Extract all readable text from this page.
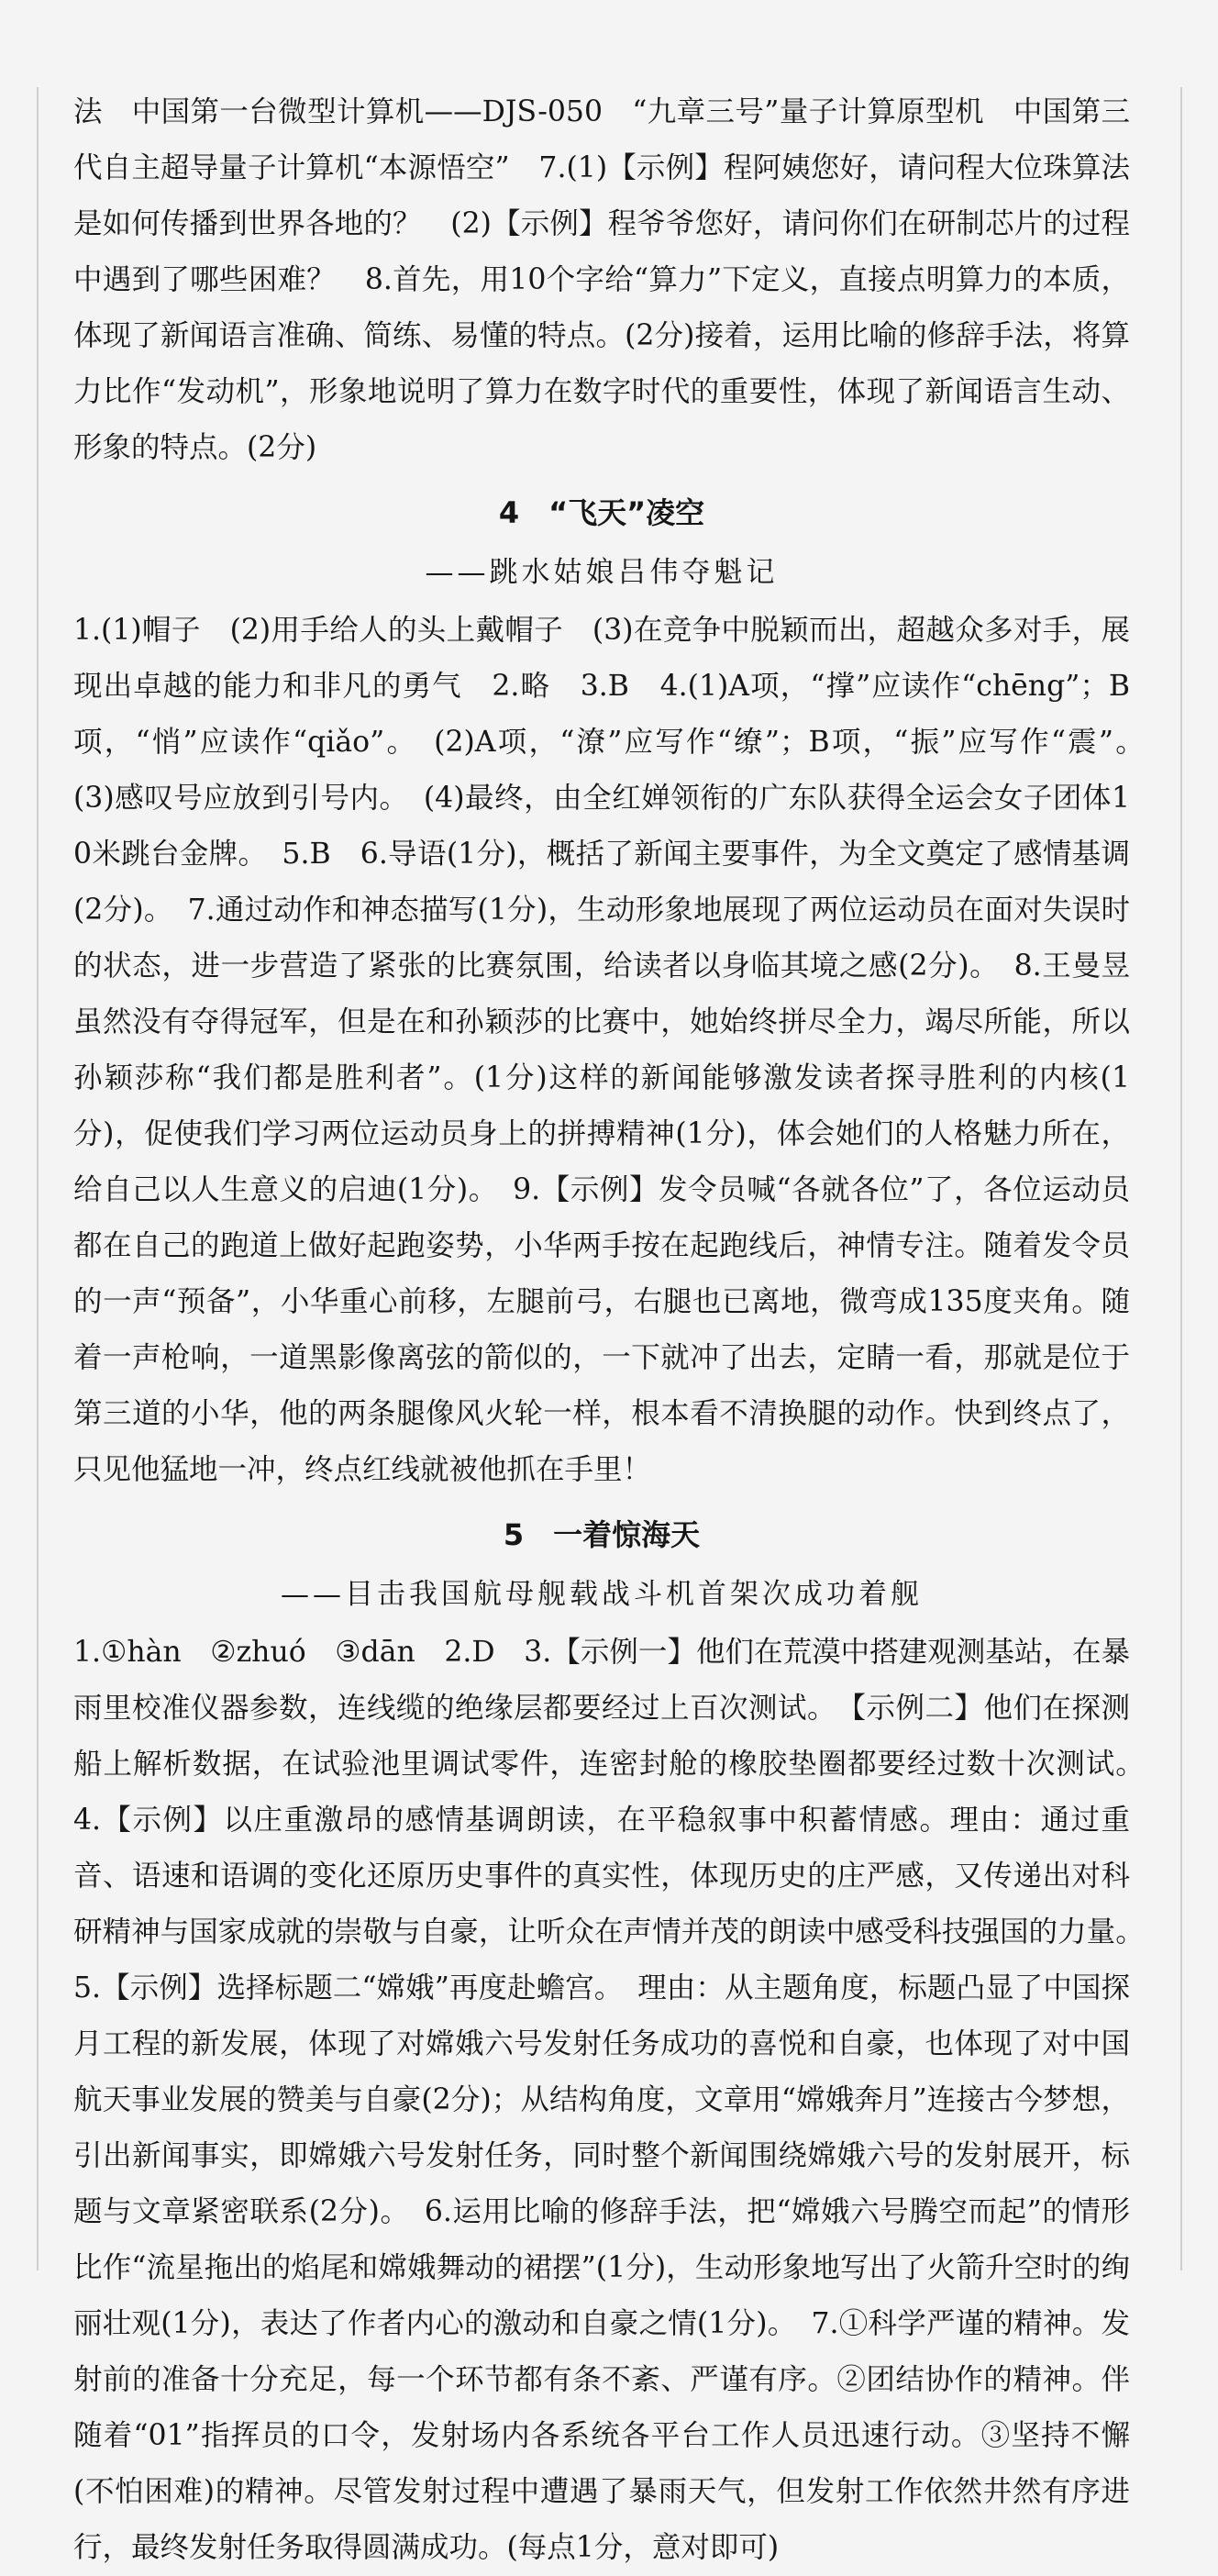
法　中国第一台微型计算机——DJS-050　“九章三号”量子计算原型机　中国第三代自主超导量子计算机“本源悟空”　7.(1)【示例】程阿姨您好，请问程大位珠算法是如何传播到世界各地的？　(2)【示例】程爷爷您好，请问你们在研制芯片的过程中遇到了哪些困难？　8.首先，用10个字给“算力”下定义，直接点明算力的本质，体现了新闻语言准确、简练、易懂的特点。(2分)接着，运用比喻的修辞手法，将算力比作“发动机”，形象地说明了算力在数字时代的重要性，体现了新闻语言生动、形象的特点。(2分)

4　“飞天”凌空
——跳水姑娘吕伟夺魁记

1.(1)帽子　(2)用手给人的头上戴帽子　(3)在竞争中脱颖而出，超越众多对手，展现出卓越的能力和非凡的勇气　2.略　3.B　4.(1)A项，“撑”应读作“chēng”；B项，“悄”应读作“qiǎo”。　(2)A项，“潦”应写作“缭”；B项，“振”应写作“震”。　(3)感叹号应放到引号内。　(4)最终，由全红婵领衔的广东队获得全运会女子团体10米跳台金牌。　5.B　6.导语(1分)，概括了新闻主要事件，为全文奠定了感情基调(2分)。　7.通过动作和神态描写(1分)，生动形象地展现了两位运动员在面对失误时的状态，进一步营造了紧张的比赛氛围，给读者以身临其境之感(2分)。　8.王曼昱虽然没有夺得冠军，但是在和孙颖莎的比赛中，她始终拼尽全力，竭尽所能，所以孙颖莎称“我们都是胜利者”。(1分)这样的新闻能够激发读者探寻胜利的内核(1分)，促使我们学习两位运动员身上的拼搏精神(1分)，体会她们的人格魅力所在，给自己以人生意义的启迪(1分)。　9.【示例】发令员喊“各就各位”了，各位运动员都在自己的跑道上做好起跑姿势，小华两手按在起跑线后，神情专注。随着发令员的一声“预备”，小华重心前移，左腿前弓，右腿也已离地，微弯成135度夹角。随着一声枪响，一道黑影像离弦的箭似的，一下就冲了出去，定睛一看，那就是位于第三道的小华，他的两条腿像风火轮一样，根本看不清换腿的动作。快到终点了，只见他猛地一冲，终点红线就被他抓在手里！

5　一着惊海天
——目击我国航母舰载战斗机首架次成功着舰

1.①hàn　②zhuó　③dān　2.D　3.【示例一】他们在荒漠中搭建观测基站，在暴雨里校准仪器参数，连线缆的绝缘层都要经过上百次测试。　【示例二】他们在探测船上解析数据，在试验池里调试零件，连密封舱的橡胶垫圈都要经过数十次测试。　4.【示例】以庄重激昂的感情基调朗读，在平稳叙事中积蓄情感。理由：通过重音、语速和语调的变化还原历史事件的真实性，体现历史的庄严感，又传递出对科研精神与国家成就的崇敬与自豪，让听众在声情并茂的朗读中感受科技强国的力量。　5.【示例】选择标题二“嫦娥”再度赴蟾宫。　理由：从主题角度，标题凸显了中国探月工程的新发展，体现了对嫦娥六号发射任务成功的喜悦和自豪，也体现了对中国航天事业发展的赞美与自豪(2分)；从结构角度，文章用“嫦娥奔月”连接古今梦想，引出新闻事实，即嫦娥六号发射任务，同时整个新闻围绕嫦娥六号的发射展开，标题与文章紧密联系(2分)。　6.运用比喻的修辞手法，把“嫦娥六号腾空而起”的情形比作“流星拖出的焰尾和嫦娥舞动的裙摆”(1分)，生动形象地写出了火箭升空时的绚丽壮观(1分)，表达了作者内心的激动和自豪之情(1分)。　7.①科学严谨的精神。发射前的准备十分充足，每一个环节都有条不紊、严谨有序。②团结协作的精神。伴随着“01”指挥员的口令，发射场内各系统各平台工作人员迅速行动。③坚持不懈(不怕困难)的精神。尽管发射过程中遭遇了暴雨天气，但发射工作依然井然有序进行，最终发射任务取得圆满成功。(每点1分，意对即可)
